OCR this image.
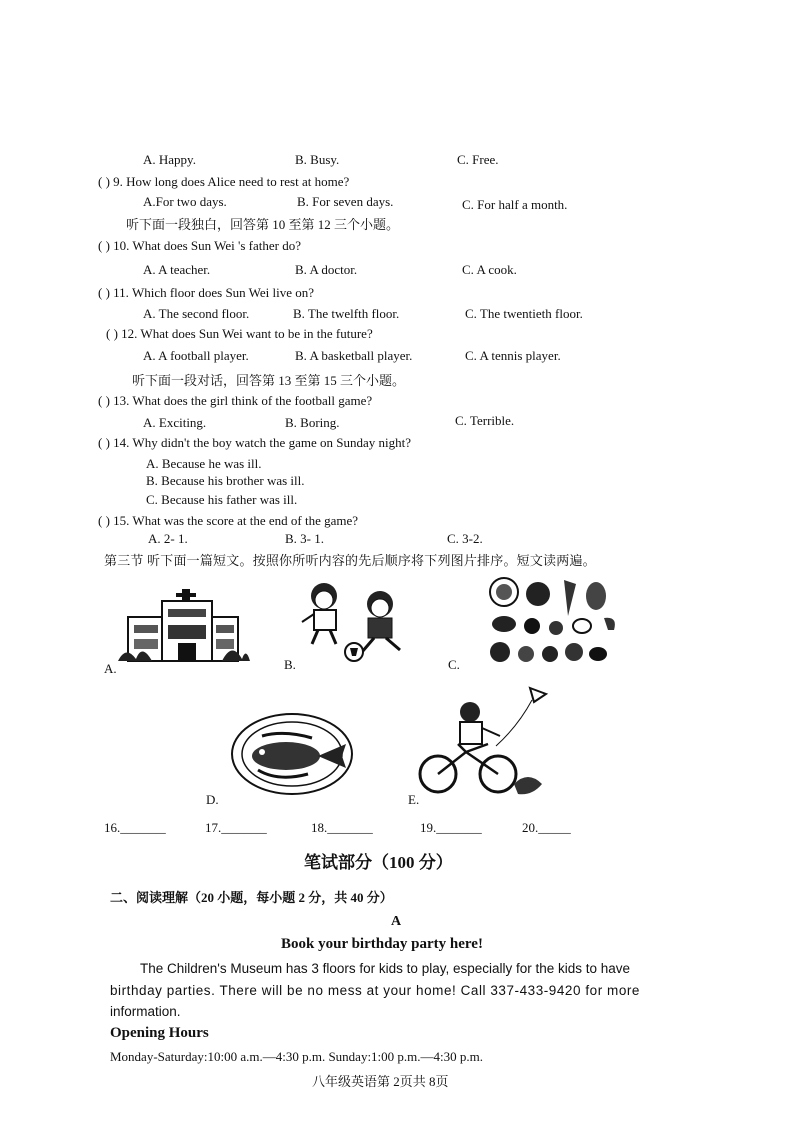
A. Happy.	B. Busy.	C. Free.
( ) 9. How long does Alice need to rest at home?
A.For two days.	B. For seven days.	C. For half a month.
听下面一段独白，回答第 10 至第 12 三个小题。
( ) 10. What does Sun Wei 's father do?
A. A teacher.	B. A doctor.	C. A cook.
( ) 11. Which floor does Sun Wei live on?
A. The second floor.	B. The twelfth floor.	C. The twentieth floor.
( ) 12. What does Sun Wei want to be in the future?
A. A football player.	B. A basketball player.	C. A tennis player.
听下面一段对话，回答第 13 至第 15 三个小题。
( ) 13. What does the girl think of the football game?
A. Exciting.	B. Boring.	C. Terrible.
( ) 14. Why didn't the boy watch the game on Sunday night?
A. Because he was ill.
B. Because his brother was ill.
C. Because his father was ill.
( ) 15. What was the score at the end of the game?
A. 2- 1.	B. 3- 1.	C. 3-2.
第三节 听下面一篇短文。按照你所听内容的先后顺序将下列图片排序。短文读两遍。
A.	B.	C.
D.	E.
16._______	17._______	18._______	19._______	20._____
笔试部分（100 分）
二、阅读理解（20 小题，每小题 2 分，共 40 分）
A
Book your birthday party here!
The Children's Museum has 3 floors for kids to play, especially for the kids to have
birthday parties. There will be no mess at your home! Call 337-433-9420 for more
information.
Opening Hours
Monday-Saturday:10:00 a.m.—4:30 p.m. Sunday:1:00 p.m.—4:30 p.m.
八年级英语第 2页共 8页
